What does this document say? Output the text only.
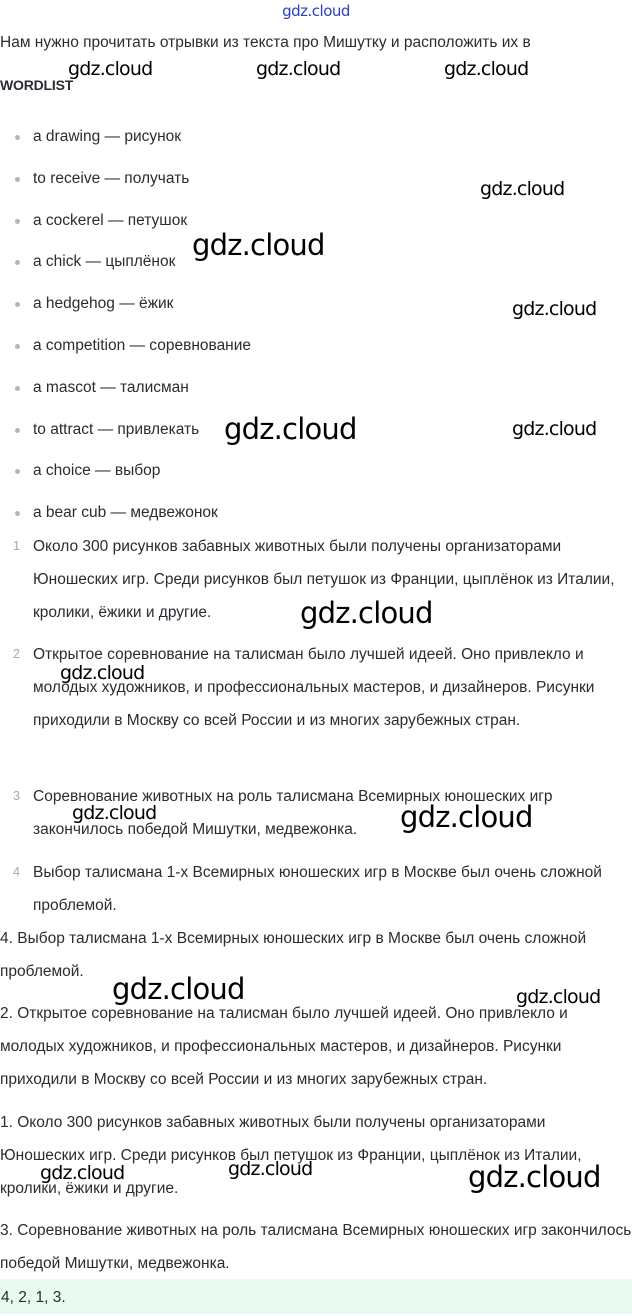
gdz.cloud
Нам нужно прочитать отрывки из текста про Мишутку и расположить их в
WORDLIST
a drawing — рисунок
to receive — получать
a cockerel — петушок
a chick — цыплёнок
a hedgehog — ёжик
a competition — соревнование
a mascot — талисман
to attract — привлекать
a choice — выбор
a bear cub — медвежонок
1 Около 300 рисунков забавных животных были получены организаторами Юношеских игр. Среди рисунков был петушок из Франции, цыплёнок из Италии, кролики, ёжики и другие.
2 Открытое соревнование на талисман было лучшей идеей. Оно привлекло и молодых художников, и профессиональных мастеров, и дизайнеров. Рисунки приходили в Москву со всей России и из многих зарубежных стран.
3 Соревнование животных на роль талисмана Всемирных юношеских игр закончилось победой Мишутки, медвежонка.
4 Выбор талисмана 1-х Всемирных юношеских игр в Москве был очень сложной проблемой.

4. Выбор талисмана 1-х Всемирных юношеских игр в Москве был очень сложной проблемой.

2. Открытое соревнование на талисман было лучшей идеей. Оно привлекло и молодых художников, и профессиональных мастеров, и дизайнеров. Рисунки приходили в Москву со всей России и из многих зарубежных стран.

1. Около 300 рисунков забавных животных были получены организаторами Юношеских игр. Среди рисунков был петушок из Франции, цыплёнок из Италии, кролики, ёжики и другие.

3. Соревнование животных на роль талисмана Всемирных юношеских игр закончилось победой Мишутки, медвежонка.

4, 2, 1, 3.
gdz.cloud	gdz.cloud	gdz.cloud
gdz.cloud
gdz.cloud
gdz.cloud
gdz.cloud	gdz.cloud
gdz.cloud
gdz.cloud
gdz.cloud	gdz.cloud
gdz.cloud	gdz.cloud
gdz.cloud	gdz.cloud	gdz.cloud
